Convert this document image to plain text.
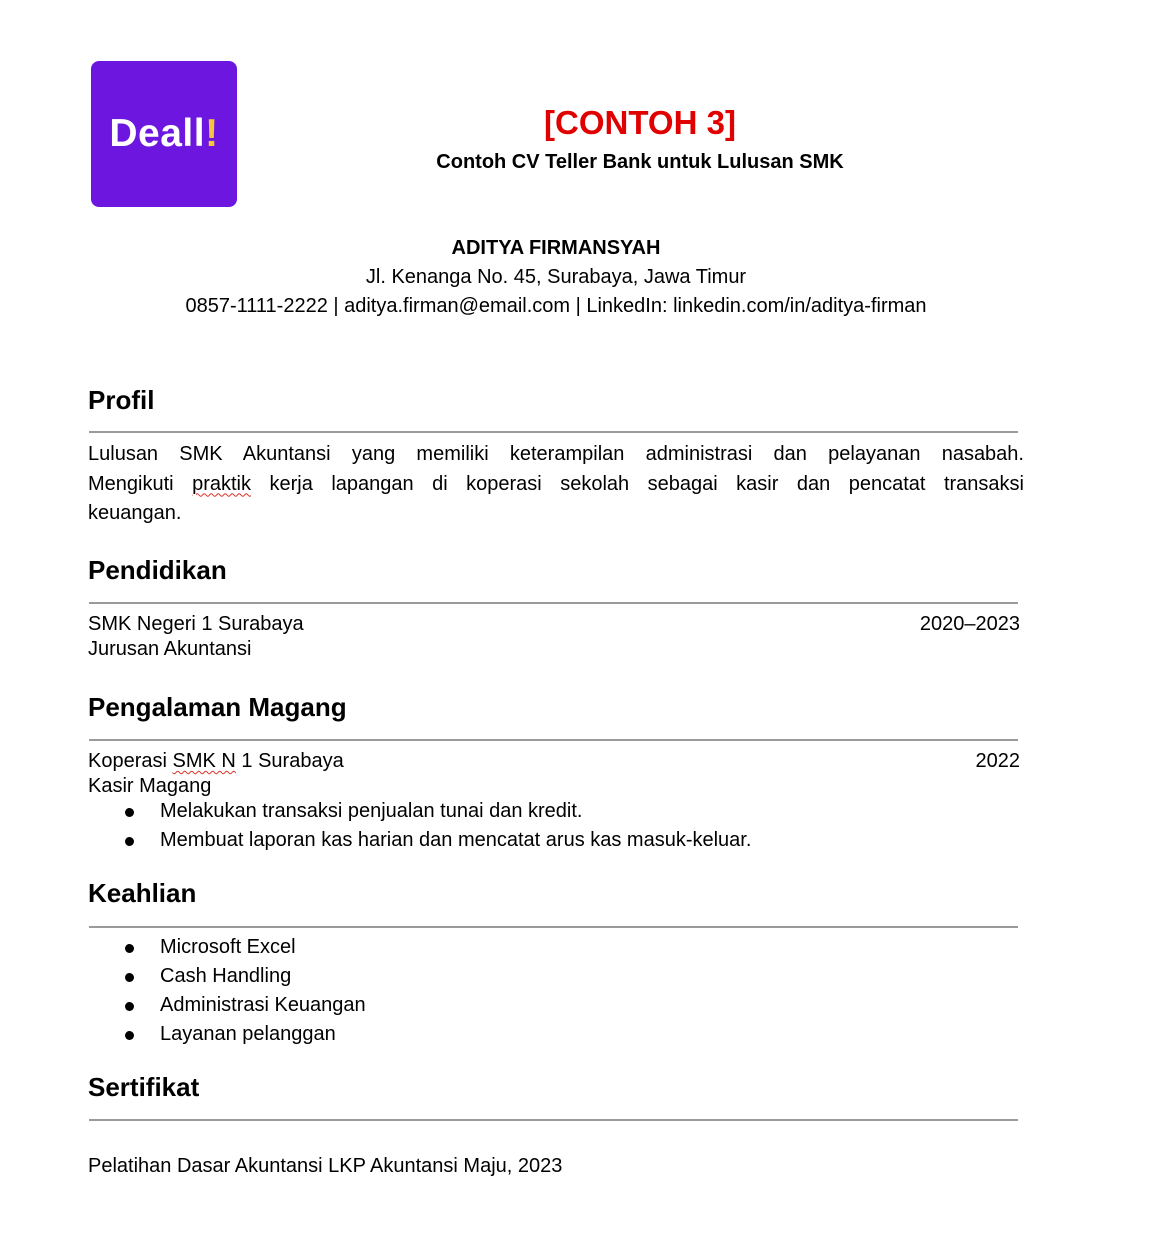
Deall!	[CONTOH 3]
Contoh CV Teller Bank untuk Lulusan SMK
ADITYA FIRMANSYAH
Jl. Kenanga No. 45, Surabaya, Jawa Timur
0857-1111-2222 | aditya.firman@email.com | LinkedIn: linkedin.com/in/aditya-firman
Profil
Lulusan SMK Akuntansi yang memiliki keterampilan administrasi dan pelayanan nasabah.
Mengikuti praktik kerja lapangan di koperasi sekolah sebagai kasir dan pencatat transaksi
keuangan.
Pendidikan
SMK Negeri 1 Surabaya	2020–2023
Jurusan Akuntansi
Pengalaman Magang
Koperasi SMK N 1 Surabaya	2022
Kasir Magang
Melakukan transaksi penjualan tunai dan kredit.
Membuat laporan kas harian dan mencatat arus kas masuk-keluar.
Keahlian
Microsoft Excel
Cash Handling
Administrasi Keuangan
Layanan pelanggan
Sertifikat
Pelatihan Dasar Akuntansi LKP Akuntansi Maju, 2023
